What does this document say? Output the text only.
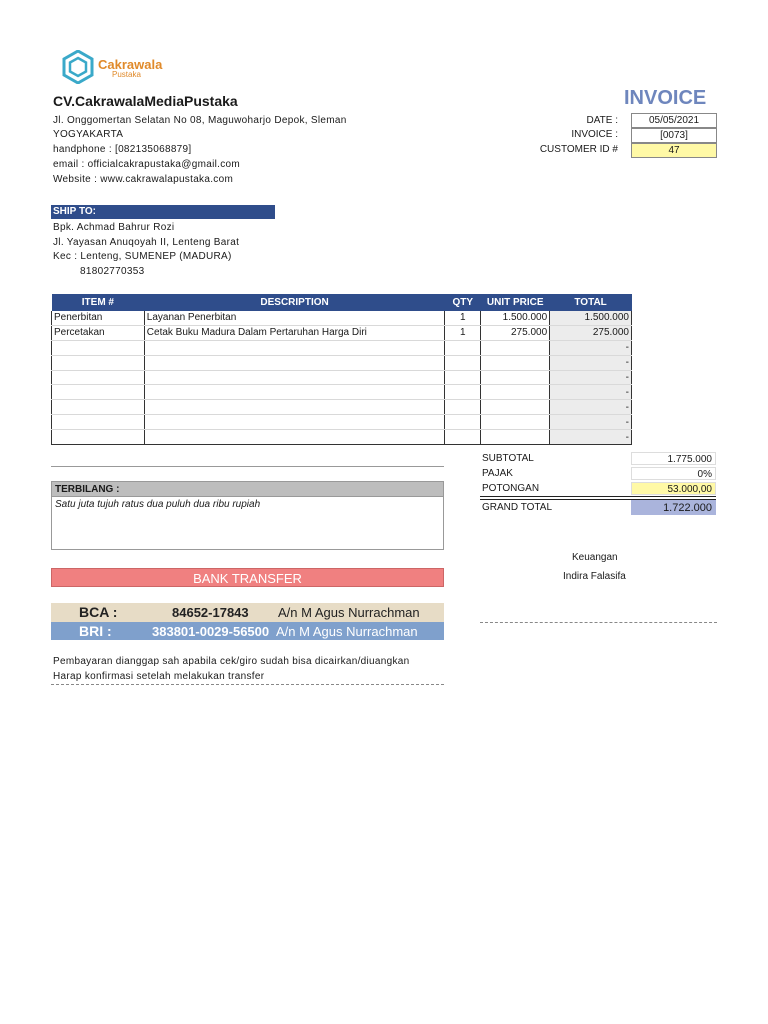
Cakrawala
Pustaka
CV.CakrawalaMediaPustaka	INVOICE
Jl. Onggomertan Selatan No 08, Maguwoharjo Depok, Sleman
YOGYAKARTA
handphone : [082135068879]
email : officialcakrapustaka@gmail.com
Website : www.cakrawalapustaka.com
DATE :	05/05/2021
INVOICE :	[0073]
CUSTOMER ID #	47
SHIP TO:
Bpk. Achmad Bahrur Rozi
Jl. Yayasan Anuqoyah II, Lenteng Barat
Kec : Lenteng, SUMENEP (MADURA)
81802770353
ITEM #	DESCRIPTION	QTY	UNIT PRICE	TOTAL
Penerbitan	Layanan Penerbitan	1	1.500.000	1.500.000
Percetakan	Cetak Buku Madura Dalam Pertaruhan Harga Diri	1	275.000	275.000
				-
				-
				-
				-
				-
				-
				-
SUBTOTAL	1.775.000
PAJAK	0%
POTONGAN	53.000,00
GRAND TOTAL	1.722.000
TERBILANG :
Satu juta tujuh ratus dua puluh dua ribu rupiah
Keuangan
Indira Falasifa
BANK TRANSFER
BCA :	84652-17843 A/n M Agus Nurrachman
BRI :	383801-0029-56500 A/n M Agus Nurrachman
Pembayaran dianggap sah apabila cek/giro sudah bisa dicairkan/diuangkan
Harap konfirmasi setelah melakukan transfer
